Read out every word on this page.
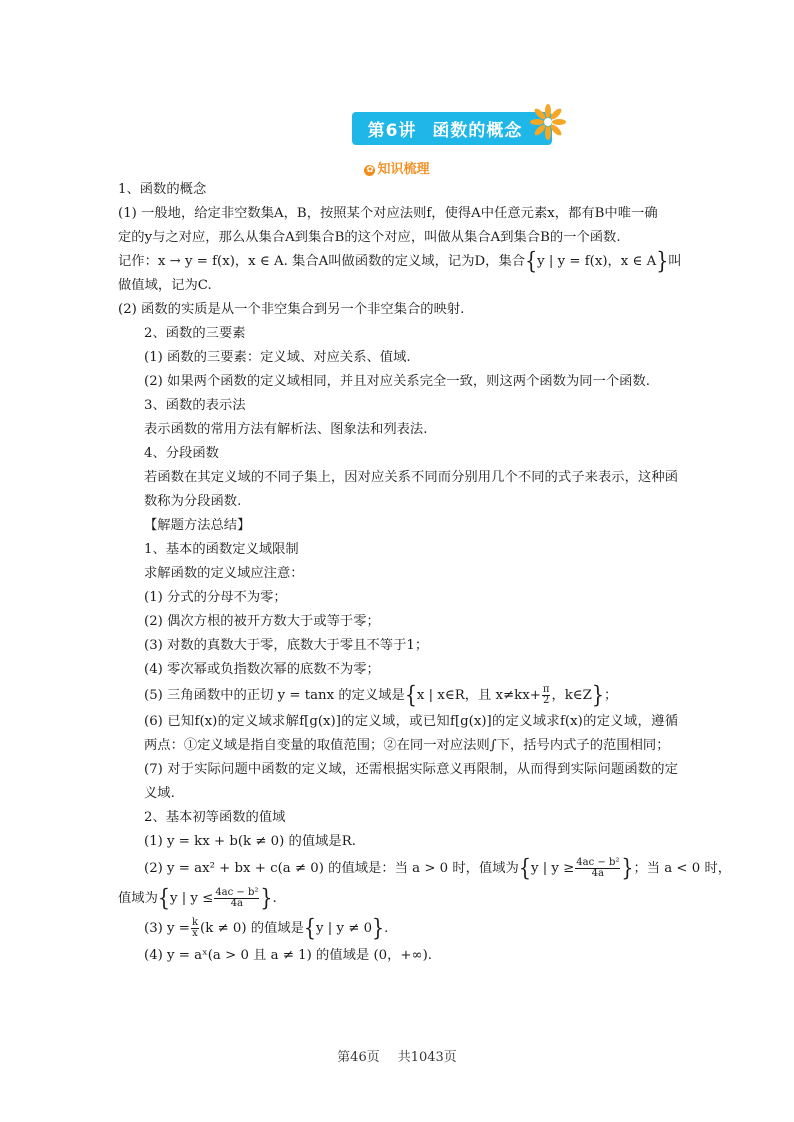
第6讲 函数的概念
✿ 知识梳理

1、函数的概念

(1) 一般地，给定非空数集A，B，按照某个对应法则f，使得A中任意元素x，都有B中唯一确

定的y与之对应，那么从集合A到集合B的这个对应，叫做从集合A到集合B的一个函数.

记作：x → y = f(x)，x ∈ A. 集合A叫做函数的定义域，记为D，集合{y | y = f(x)，x ∈ A}叫

做值域，记为C.

(2) 函数的实质是从一个非空集合到另一个非空集合的映射.

2、函数的三要素

(1) 函数的三要素：定义域、对应关系、值域.

(2) 如果两个函数的定义域相同，并且对应关系完全一致，则这两个函数为同一个函数.

3、函数的表示法

表示函数的常用方法有解析法、图象法和列表法.

4、分段函数

若函数在其定义域的不同子集上，因对应关系不同而分别用几个不同的式子来表示，这种函数称为分段函数.

【解题方法总结】

1、基本的函数定义域限制

求解函数的定义域应注意：

(1) 分式的分母不为零；

(2) 偶次方根的被开方数大于或等于零；

(3) 对数的真数大于零，底数大于零且不等于1；

(4) 零次幂或负指数次幂的底数不为零；

(5) 三角函数中的正切 y = tanx 的定义域是{x | x∈R，且 $x\ne kx+ \frac{\pi}{2}$ ，k∈Z}；

(6) 已知f(x)的定义域求解f[g(x)]的定义域，或已知f[g(x)]的定义域求f(x)的定义域，遵循两点：①定义域是指自变量的取值范围；②在同一对应法则∫下，括号内式子的范围相同；

(7) 对于实际问题中函数的定义域，还需根据实际意义再限制，从而得到实际问题函数的定义域.

2、基本初等函数的值域

(1) y = kx + b(k ≠ 0) 的值域是R.

(2) y = ax² + bx + c(a ≠ 0) 的值域是：当 a > 0 时，值域为{y | $y \ge \frac{\text{4ac − b²}}{4a}$ }；当 a < 0 时，

值域为{y | $y \le \frac{\text{4ac − b²}}{4a}$ }.

(3) $y = \frac{k}{x} (k \ne 0)$ 的值域是{y | y ≠ 0}.

(4) y = aˣ(a > 0 且 a ≠ 1) 的值域是 (0，+∞).

第46页 共1043页
